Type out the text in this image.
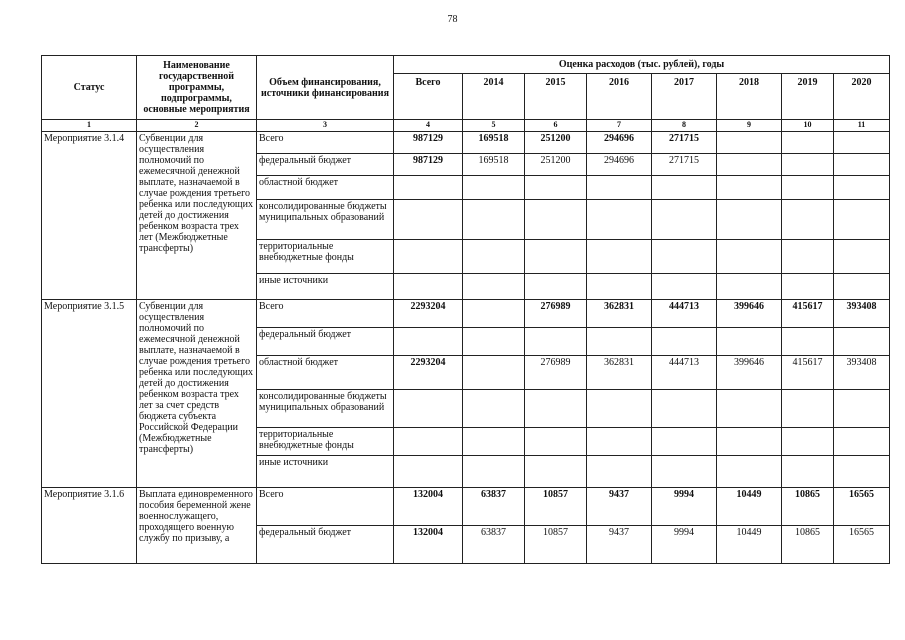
78
Статус	Наименование государственной программы, подпрограммы, основные мероприятия	Объем финансирования, источники финансирования	Оценка расходов (тыс. рублей), годы							
			Всего	2014	2015	2016	2017	2018	2019	2020
1	2	3	4	5	6	7	8	9	10	11
Мероприятие 3.1.4	Субвенции для осуществления полномочий по ежемесячной денежной выплате, назначаемой в случае рождения третьего ребенка или последующих детей до достижения ребенком возраста трех лет (Межбюджетные трансферты)	Всего	987129	169518	251200	294696	271715			
		федеральный бюджет	987129	169518	251200	294696	271715			
		областной бюджет								
		консолидированные бюджеты муниципальных образований								
		территориальные внебюджетные фонды								
		иные источники								
Мероприятие 3.1.5	Субвенции для осуществления полномочий по ежемесячной денежной выплате, назначаемой в случае рождения третьего ребенка или последующих детей до достижения ребенком возраста трех лет за счет средств бюджета субъекта Российской Федерации (Межбюджетные трансферты)	Всего	2293204		276989	362831	444713	399646	415617	393408
		федеральный бюджет								
		областной бюджет	2293204		276989	362831	444713	399646	415617	393408
		консолидированные бюджеты муниципальных образований								
		территориальные внебюджетные фонды								
		иные источники								
Мероприятие 3.1.6	Выплата единовременного пособия беременной жене военнослужащего, проходящего военную службу по призыву, а	Всего	132004	63837	10857	9437	9994	10449	10865	16565
		федеральный бюджет	132004	63837	10857	9437	9994	10449	10865	16565
